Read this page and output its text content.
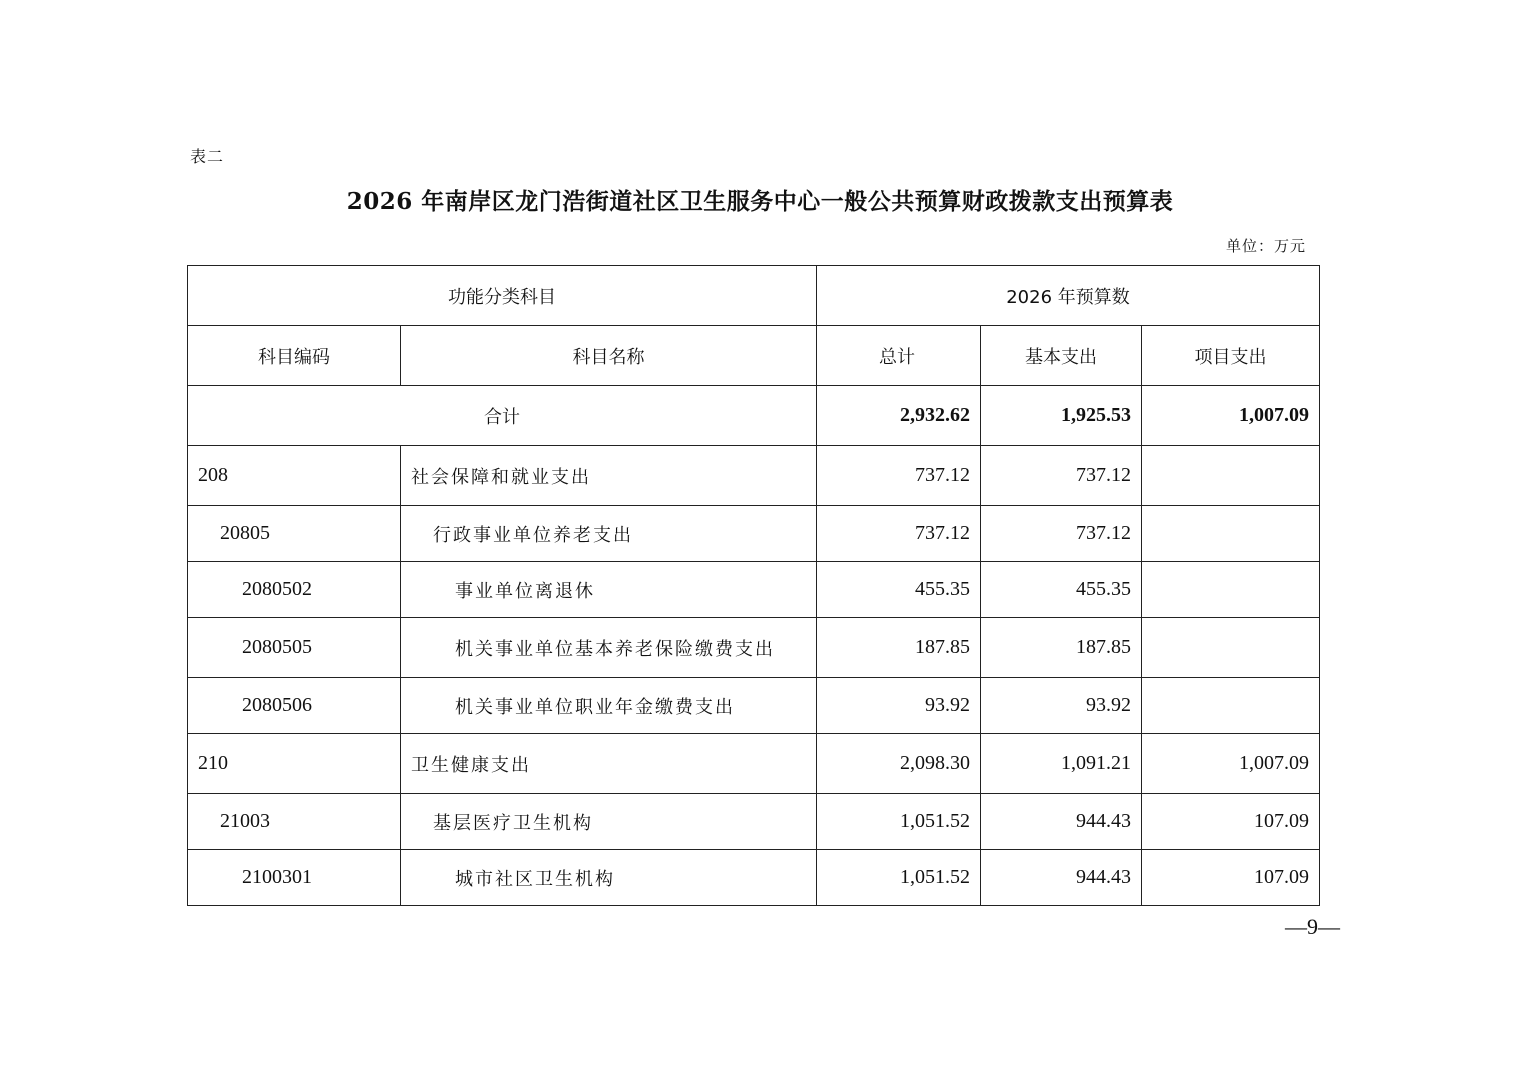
表二
2026 年南岸区龙门浩街道社区卫生服务中心一般公共预算财政拨款支出预算表
单位：万元
功能分类科目		2026 年预算数		
科目编码	科目名称	总计	基本支出	项目支出
合计		2,932.62	1,925.53	1,007.09
208	社会保障和就业支出	737.12	737.12	
20805	行政事业单位养老支出	737.12	737.12	
2080502	事业单位离退休	455.35	455.35	
2080505	机关事业单位基本养老保险缴费支出	187.85	187.85	
2080506	机关事业单位职业年金缴费支出	93.92	93.92	
210	卫生健康支出	2,098.30	1,091.21	1,007.09
21003	基层医疗卫生机构	1,051.52	944.43	107.09
2100301	城市社区卫生机构	1,051.52	944.43	107.09
—9—
